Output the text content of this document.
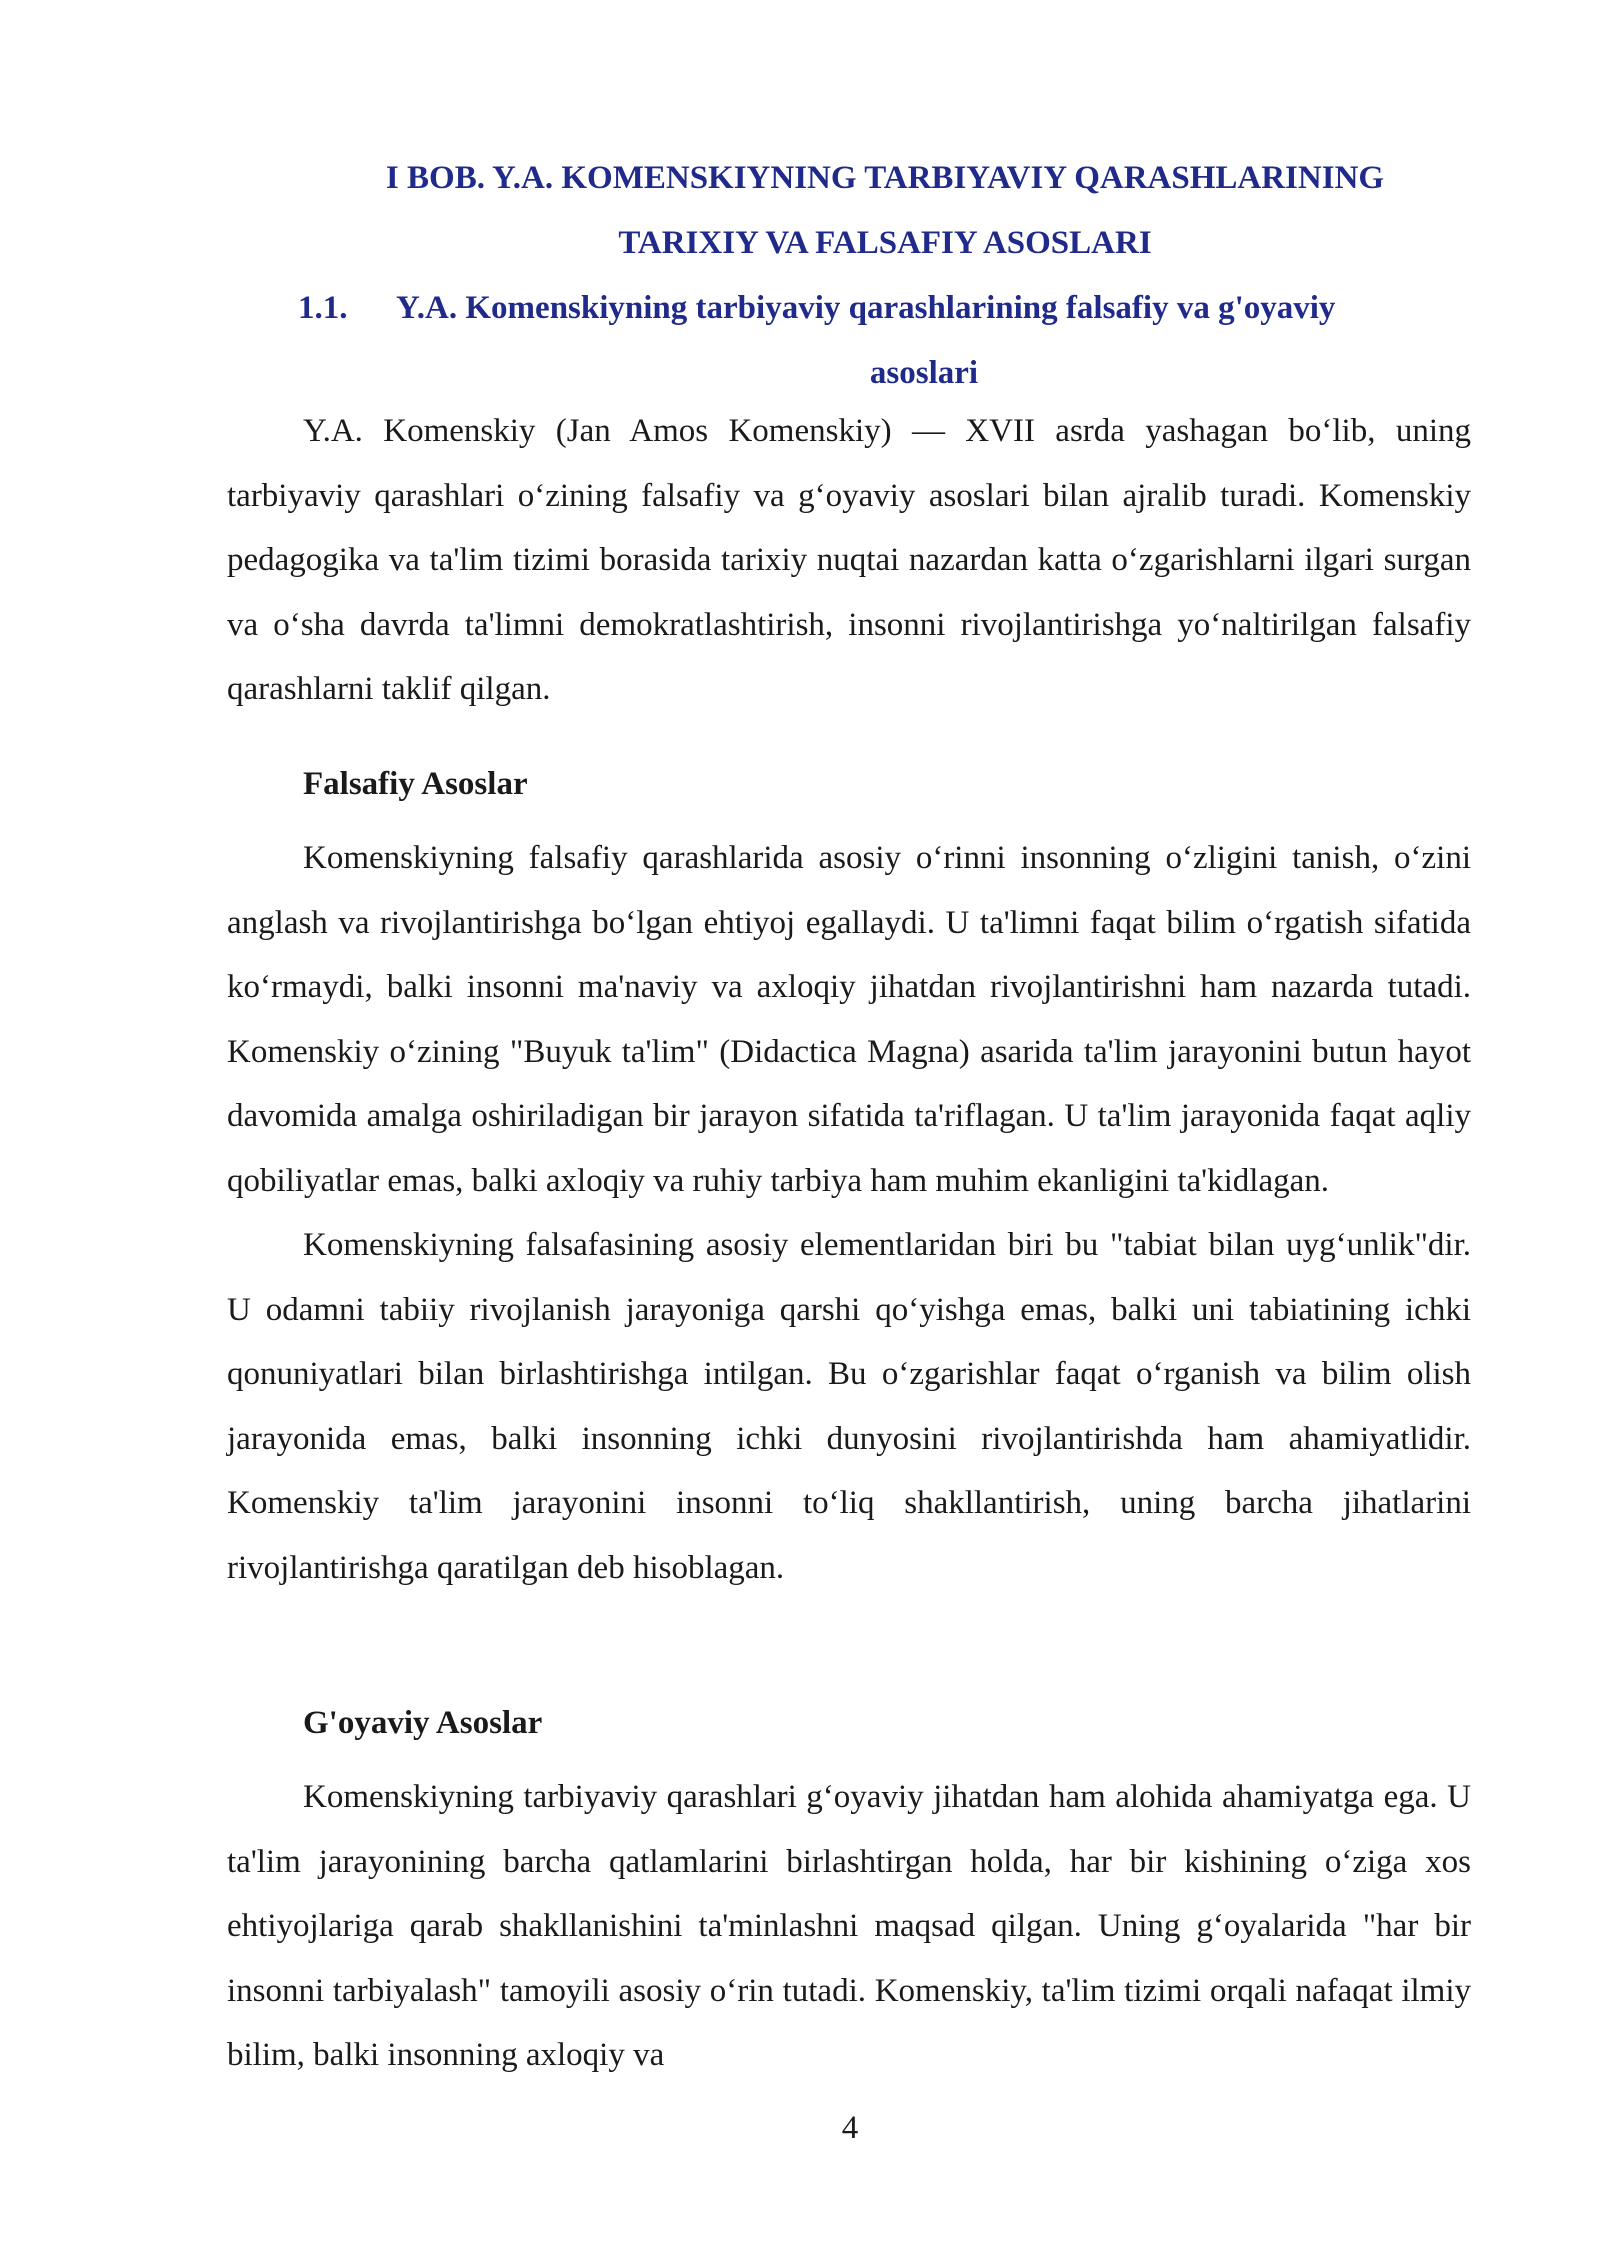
I BOB. Y.A. KOMENSKIYNING TARBIYAVIY QARASHLARINING
TARIXIY VA FALSAFIY ASOSLARI
1.1.	Y.A. Komenskiyning tarbiyaviy qarashlarining falsafiy va g'oyaviy
asoslari

Y.A. Komenskiy (Jan Amos Komenskiy) — XVII asrda yashagan bo‘lib, uning tarbiyaviy qarashlari o‘zining falsafiy va g‘oyaviy asoslari bilan ajralib turadi. Komenskiy pedagogika va ta'lim tizimi borasida tarixiy nuqtai nazardan katta o‘zgarishlarni ilgari surgan va o‘sha davrda ta'limni demokratlashtirish, insonni rivojlantirishga yo‘naltirilgan falsafiy qarashlarni taklif qilgan.

Falsafiy Asoslar

Komenskiyning falsafiy qarashlarida asosiy o‘rinni insonning o‘zligini tanish, o‘zini anglash va rivojlantirishga bo‘lgan ehtiyoj egallaydi. U ta'limni faqat bilim o‘rgatish sifatida ko‘rmaydi, balki insonni ma'naviy va axloqiy jihatdan rivojlantirishni ham nazarda tutadi. Komenskiy o‘zining "Buyuk ta'lim" (Didactica Magna) asarida ta'lim jarayonini butun hayot davomida amalga oshiriladigan bir jarayon sifatida ta'riflagan. U ta'lim jarayonida faqat aqliy qobiliyatlar emas, balki axloqiy va ruhiy tarbiya ham muhim ekanligini ta'kidlagan.

Komenskiyning falsafasining asosiy elementlaridan biri bu "tabiat bilan uyg‘unlik"dir. U odamni tabiiy rivojlanish jarayoniga qarshi qo‘yishga emas, balki uni tabiatining ichki qonuniyatlari bilan birlashtirishga intilgan. Bu o‘zgarishlar faqat o‘rganish va bilim olish jarayonida emas, balki insonning ichki dunyosini rivojlantirishda ham ahamiyatlidir. Komenskiy ta'lim jarayonini insonni to‘liq shakllantirish, uning barcha jihatlarini rivojlantirishga qaratilgan deb hisoblagan.

G'oyaviy Asoslar

Komenskiyning tarbiyaviy qarashlari g‘oyaviy jihatdan ham alohida ahamiyatga ega. U ta'lim jarayonining barcha qatlamlarini birlashtirgan holda, har bir kishining o‘ziga xos ehtiyojlariga qarab shakllanishini ta'minlashni maqsad qilgan. Uning g‘oyalarida "har bir insonni tarbiyalash" tamoyili asosiy o‘rin tutadi. Komenskiy, ta'lim tizimi orqali nafaqat ilmiy bilim, balki insonning axloqiy va

4
